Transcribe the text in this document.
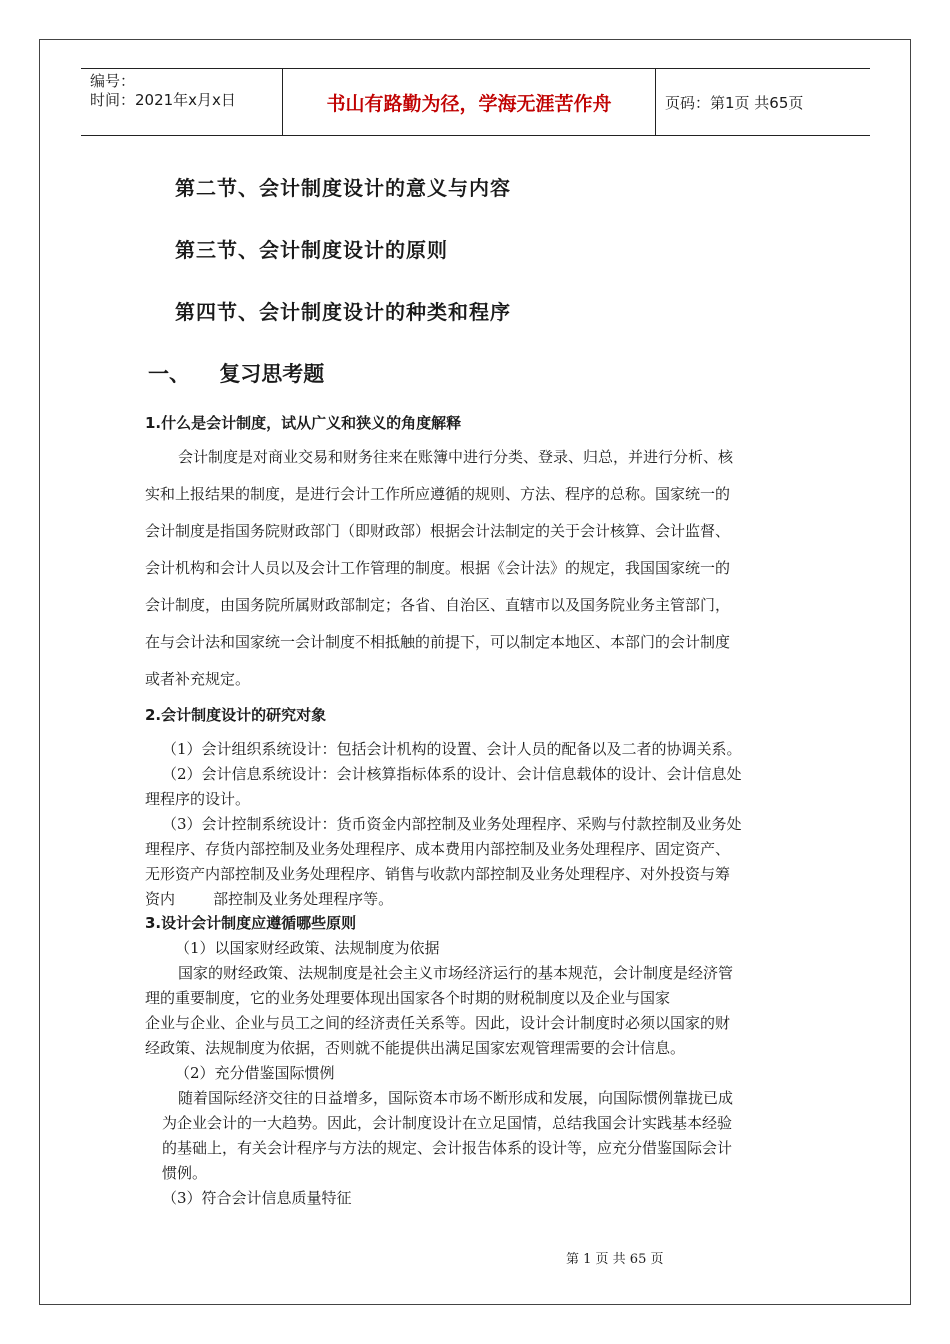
编号：
时间：2021年x月x日	书山有路勤为径，学海无涯苦作舟	页码：第1页 共65页
第二节、会计制度设计的意义与内容
第三节、会计制度设计的原则
第四节、会计制度设计的种类和程序
一、 复习思考题
1.什么是会计制度，试从广义和狭义的角度解释
会计制度是对商业交易和财务往来在账簿中进行分类、登录、归总，并进行分析、核
实和上报结果的制度，是进行会计工作所应遵循的规则、方法、程序的总称。国家统一的
会计制度是指国务院财政部门（即财政部）根据会计法制定的关于会计核算、会计监督、
会计机构和会计人员以及会计工作管理的制度。根据《会计法》的规定，我国国家统一的
会计制度，由国务院所属财政部制定；各省、自治区、直辖市以及国务院业务主管部门，
在与会计法和国家统一会计制度不相抵触的前提下，可以制定本地区、本部门的会计制度
或者补充规定。
2.会计制度设计的研究对象
（1）会计组织系统设计：包括会计机构的设置、会计人员的配备以及二者的协调关系。
（2）会计信息系统设计：会计核算指标体系的设计、会计信息载体的设计、会计信息处
理程序的设计。
（3）会计控制系统设计：货币资金内部控制及业务处理程序、采购与付款控制及业务处
理程序、存货内部控制及业务处理程序、成本费用内部控制及业务处理程序、固定资产、
无形资产内部控制及业务处理程序、销售与收款内部控制及业务处理程序、对外投资与筹
资内        部控制及业务处理程序等。
3.设计会计制度应遵循哪些原则
（1）以国家财经政策、法规制度为依据
国家的财经政策、法规制度是社会主义市场经济运行的基本规范，会计制度是经济管
理的重要制度，它的业务处理要体现出国家各个时期的财税制度以及企业与国家
企业与企业、企业与员工之间的经济责任关系等。因此，设计会计制度时必须以国家的财
经政策、法规制度为依据，否则就不能提供出满足国家宏观管理需要的会计信息。
（2）充分借鉴国际惯例
随着国际经济交往的日益增多，国际资本市场不断形成和发展，向国际惯例靠拢已成
为企业会计的一大趋势。因此，会计制度设计在立足国情，总结我国会计实践基本经验
的基础上，有关会计程序与方法的规定、会计报告体系的设计等，应充分借鉴国际会计
惯例。
（3）符合会计信息质量特征
第 1 页 共 65 页
